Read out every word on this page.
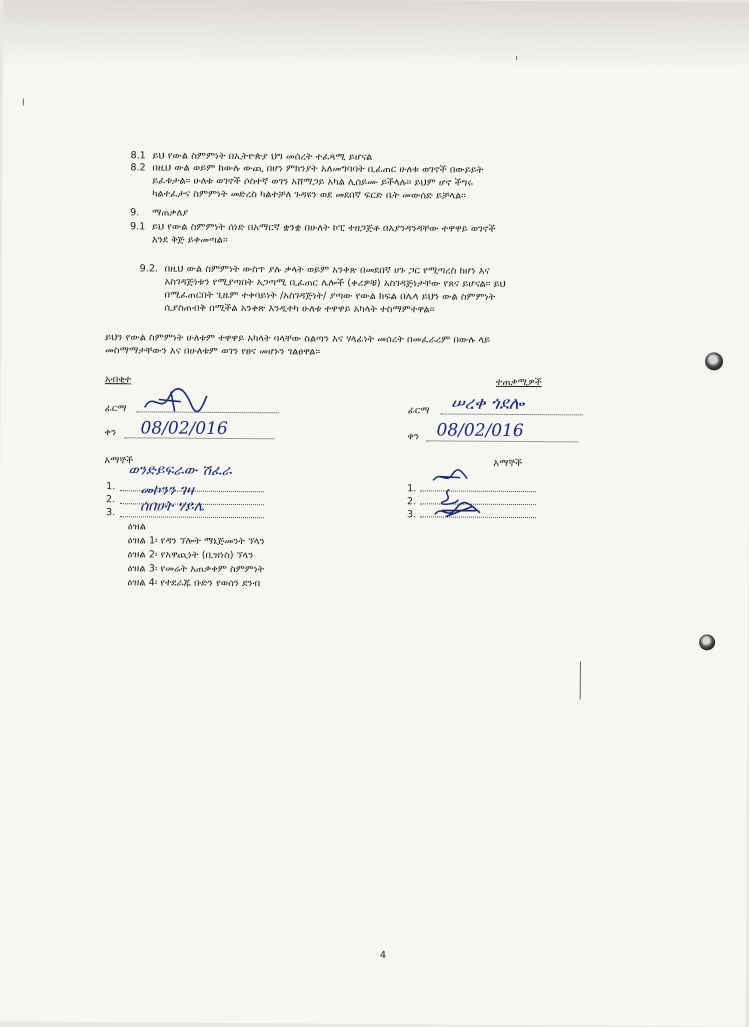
8.1 ይህ የውል ስምምነት በኢትዮጵያ ህግ መሰረት ተፈጻሚ ይሆናል
8.2 በዚህ ውል ወይም ከውሉ ውጪ በሆነ ምክንያት አለመግባባት ቢፈጠር ሁለቱ ወገኖች በውይይት
ይፈቱታል፡፡ ሁለቱ ወገኖች ሶስተኛ ወገን አሸማጋይ አካል ሊሰይሙ ይችላሉ፡፡ ይህም ሆኖ ችግሩ
ካልተፈታና ስምምነት መድረስ ካልተቻለ ጉዳዩን ወደ መደበኛ ፍርድ ቤት መውሰድ ይቻላል፡፡
9. ማጠቃለያ
9.1 ይህ የውል ስምምነት ሰነድ በአማርኛ ቋንቋ በሁለት ኮፒ ተዘጋጅቶ በእያንዳንዳቸው ተዋዋይ ወገኖች
እንደ ቅጅ ይቀመጣል፡፡
9.2. በዚህ ውል ስምምነት ውስጥ ያሉ ቃላት ወይም አንቀጽ በመደበኛ ሀጉ ጋር የሚጣረስ ከሆነ እና
አስገዳጅነቱን የሚያጣበት አጋጣሚ ቢፈጠር ሌሎች (ቀሪዎቹ) አስገዳጅነታቸው የጸና ይሆናል፡፡ ይህ
በሚፈጠርበት ጊዜም ተቀባይነት /አስገዳጅነት/ ያጣው የውል ክፍል በሌላ ይህን ውል ስምምነት
ሲያስጠብቅ በሚችል አንቀጽ እንዲተካ ሁለቱ ተዋዋይ አካላት ተስማምተዋል፡፡
ይህን የውል ስምምነት ሁለቱም ተዋዋይ አካላት ባላቸው ስልጣን እና ሃላፊነት መሰረት በመፈራረም በውሉ ላይ
መስማማታቸውን እና በሁለቱም ወገን የፀና መሆኑን ገልፀዋል፡፡
አብቂተ
ፊርማ
ቀን 08/02/016
እማኞች
1.
2.
3.
ወንድይፍራው ሽፈራ
መኮንን ገዛ
ሰበሀት ሃይሌ
ተጠቃሚዎች
ፊርማ ሠረቀ ጎደሎ
ቀን 08/02/016
እማኞች
1.
2.
3.
ዕዝል
ዕዝል 1፡ የዳን ኘሎት ማኔጅመንት ኘላን
ዕዝል 2፡ የአዋጪነት (ቢዝነስ) ኘላን
ዕዝል 3፡ የመሬት አጠቃቀም ስምምነት
ዕዝል 4፡ የተደራጁ ቡድን የወሰን ደንብ
4
